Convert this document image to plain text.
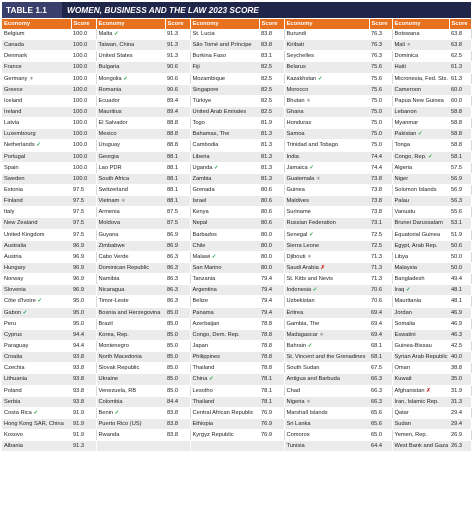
TABLE 1.1	WOMEN, BUSINESS AND THE LAW 2023 SCORE
Economy	Score	Economy	Score	Economy	Score	Economy	Score	Economy	Score
Belgium	100.0	Malta ✓	91.3	St. Lucia	83.8	Burundi	76.3	Botswana	63.8
Canada	100.0	Taiwan, China	91.3	São Tomé and Príncipe	83.8	Kiribati	76.3	Mali ∗	63.8
Denmark	100.0	United States	91.3	Burkina Faso	83.1	Seychelles	76.3	Dominica	62.5
France	100.0	Bulgaria	90.6	Fiji	82.5	Belarus	75.6	Haiti	61.3
Germany ∗	100.0	Mongolia ✓	90.6	Mozambique	82.5	Kazakhstan ✓	75.6	Micronesia, Fed. Sts.	61.3
Greece	100.0	Romania	90.6	Singapore	82.5	Morocco	75.6	Cameroon	60.0
Iceland	100.0	Ecuador	89.4	Türkiye	82.5	Bhutan ∗	75.0	Papua New Guinea	60.0
Ireland	100.0	Mauritius	89.4	United Arab Emirates	82.5	Ghana	75.0	Lebanon	58.8
Latvia	100.0	El Salvador	88.8	Togo	81.9	Honduras	75.0	Myanmar	58.8
Luxembourg	100.0	Mexico	88.8	Bahamas, The	81.3	Samoa	75.0	Pakistan ✓	58.8
Netherlands ✓	100.0	Uruguay	88.8	Cambodia	81.3	Trinidad and Tobago	75.0	Tonga	58.8
Portugal	100.0	Georgia	88.1	Liberia	81.3	India	74.4	Congo, Rep. ✓	58.1
Spain	100.0	Lao PDR	88.1	Uganda ✓	81.3	Jamaica ✓	74.4	Algeria	57.5
Sweden	100.0	South Africa	88.1	Zambia	81.3	Guatemala ∗	73.8	Niger	56.9
Estonia	97.5	Switzerland	88.1	Grenada	80.6	Guinea	73.8	Solomon Islands	56.9
Finland	97.5	Vietnam ∗	88.1	Israel	80.6	Maldives	73.8	Palau	56.3
Italy	97.5	Armenia	87.5	Kenya	80.6	Suriname	73.8	Vanuatu	55.6
New Zealand	97.5	Moldova	87.5	Nepal	80.6	Russian Federation	73.1	Brunei Darussalam	53.1
United Kingdom	97.5	Guyana	86.9	Barbados	80.0	Senegal ✓	72.5	Equatorial Guinea	51.9
Australia	96.9	Zimbabwe	86.9	Chile	80.0	Sierra Leone	72.5	Egypt, Arab Rep.	50.6
Austria	96.9	Cabo Verde	86.3	Malawi ✓	80.0	Djibouti ∗	71.3	Libya	50.0
Hungary	96.9	Dominican Republic	86.3	San Marino	80.0	Saudi Arabia ✗	71.3	Malaysia	50.0
Norway	96.9	Namibia	86.3	Tanzania	79.4	St. Kitts and Nevis	71.3	Bangladesh	49.4
Slovenia	96.9	Nicaragua	86.3	Argentina	79.4	Indonesia ✓	70.6	Iraq ✓	48.1
Côte d'Ivoire ✓	95.0	Timor-Leste	86.3	Belize	79.4	Uzbekistan	70.6	Mauritania	48.1
Gabon ✓	95.0	Bosnia and Herzegovina	85.0	Panama	79.4	Eritrea	69.4	Jordan	46.9
Peru	95.0	Brazil	85.0	Azerbaijan	78.8	Gambia, The	69.4	Somalia	46.9
Cyprus	94.4	Korea, Rep.	85.0	Congo, Dem. Rep.	78.8	Madagascar ∗	69.4	Eswatini	46.3
Paraguay	94.4	Montenegro	85.0	Japan	78.8	Bahrain ✓	68.1	Guinea-Bissau	42.5
Croatia	93.8	North Macedonia	85.0	Philippines	78.8	St. Vincent and the Grenadines	68.1	Syrian Arab Republic	40.0
Czechia	93.8	Slovak Republic	85.0	Thailand	78.8	South Sudan	67.5	Oman	38.8
Lithuania	93.8	Ukraine	85.0	China ✓	78.1	Antigua and Barbuda	66.3	Kuwait	35.0
Poland	93.8	Venezuela, RB	85.0	Lesotho	78.1	Chad	66.3	Afghanistan ✗	31.9
Serbia	93.8	Colombia	84.4	Thailand	78.1	Nigeria ∗	66.3	Iran, Islamic Rep.	31.3
Costa Rica ✓	91.9	Benin ✓	83.8	Central African Republic	76.9	Marshall Islands	65.6	Qatar	29.4
Hong Kong SAR, China	91.9	Puerto Rico (US)	83.8	Ethiopia	76.9	Sri Lanka	65.6	Sudan	29.4
Kosovo	91.9	Rwanda	83.8	Kyrgyz Republic	76.9	Comoros	65.0	Yemen, Rep.	26.9
Albania	91.3					Tunisia	64.4	West Bank and Gaza	26.3
